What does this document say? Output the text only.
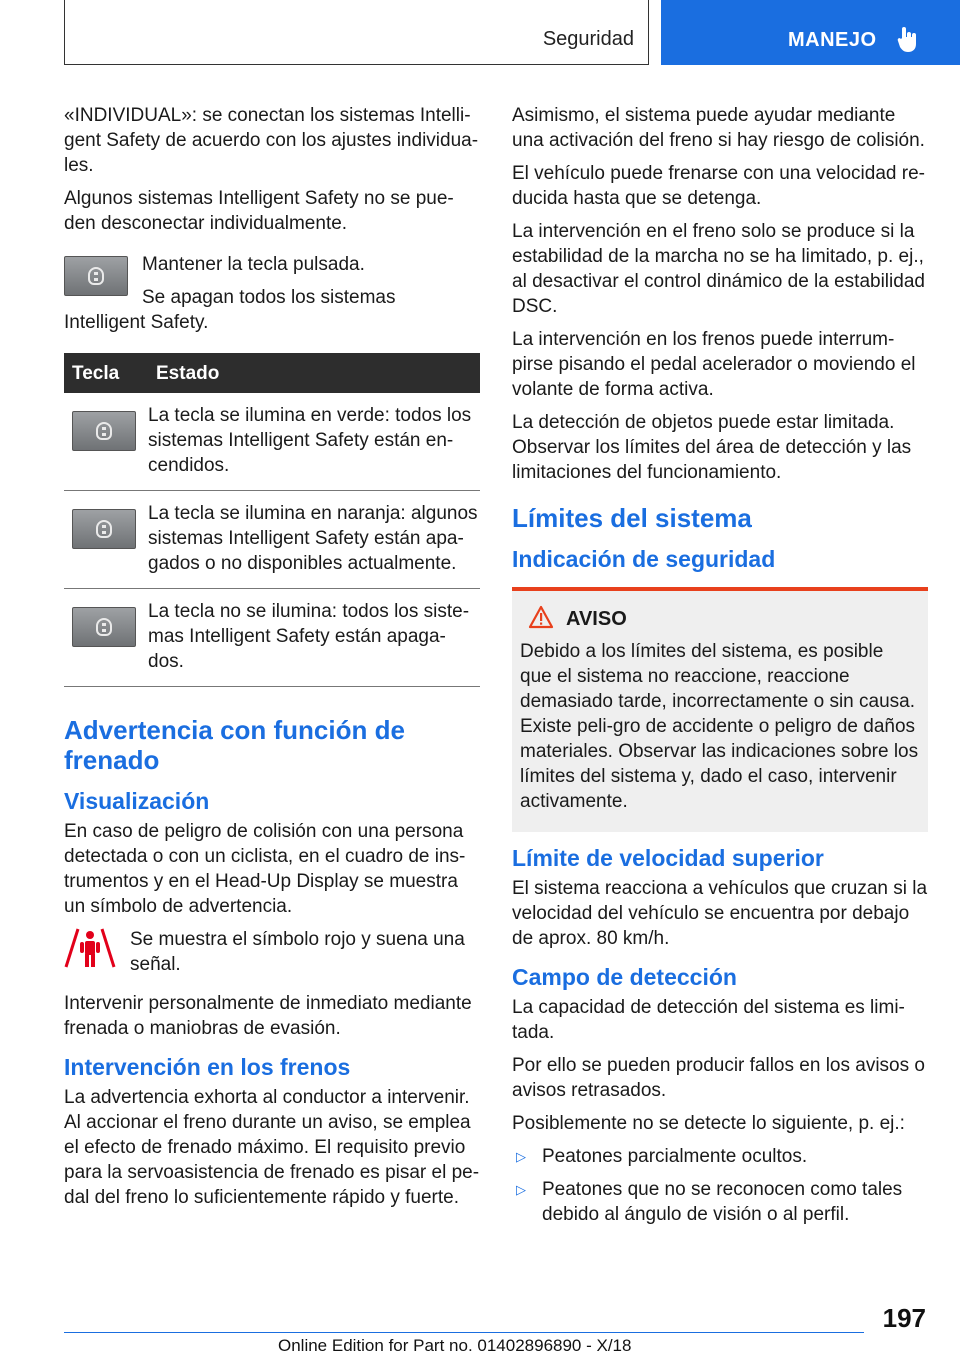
Seguridad	MANEJO

«INDIVIDUAL»: se conectan los sistemas Intelli-
gent Safety de acuerdo con los ajustes individua-
les.

Algunos sistemas Intelligent Safety no se pue-
den desconectar individualmente.

Mantener la tecla pulsada.

Se apagan todos los sistemas Intelligent Safety.

Tecla	Estado

	La tecla se ilumina en verde: todos los sistemas Intelligent Safety están en-cendidos.

	La tecla se ilumina en naranja: algunos sistemas Intelligent Safety están apa-gados o no disponibles actualmente.

	La tecla no se ilumina: todos los siste-mas Intelligent Safety están apaga-dos.
Advertencia con función de frenado
Visualización

En caso de peligro de colisión con una persona detectada o con un ciclista, en el cuadro de ins-trumentos y en el Head-Up Display se muestra un símbolo de advertencia.

Se muestra el símbolo rojo y suena una señal.

Intervenir personalmente de inmediato mediante frenada o maniobras de evasión.

Intervención en los frenos

La advertencia exhorta al conductor a intervenir. Al accionar el freno durante un aviso, se emplea el efecto de frenado máximo. El requisito previo para la servoasistencia de frenado es pisar el pe-dal del freno lo suficientemente rápido y fuerte.

Asimismo, el sistema puede ayudar mediante una activación del freno si hay riesgo de colisión.

El vehículo puede frenarse con una velocidad re-ducida hasta que se detenga.

La intervención en el freno solo se produce si la estabilidad de la marcha no se ha limitado, p. ej., al desactivar el control dinámico de la estabilidad DSC.

La intervención en los frenos puede interrum-pirse pisando el pedal acelerador o moviendo el volante de forma activa.

La detección de objetos puede estar limitada. Observar los límites del área de detección y las limitaciones del funcionamiento.

Límites del sistema
Indicación de seguridad
AVISO

Debido a los límites del sistema, es posible que el sistema no reaccione, reaccione demasiado tarde, incorrectamente o sin causa. Existe peli-gro de accidente o peligro de daños materiales. Observar las indicaciones sobre los límites del sistema y, dado el caso, intervenir activamente.

Límite de velocidad superior

El sistema reacciona a vehículos que cruzan si la velocidad del vehículo se encuentra por debajo de aprox. 80 km/h.

Campo de detección

La capacidad de detección del sistema es limi-tada.

Por ello se pueden producir fallos en los avisos o avisos retrasados.

Posiblemente no se detecte lo siguiente, p. ej.:

▷ Peatones parcialmente ocultos.
▷ Peatones que no se reconocen como tales debido al ángulo de visión o al perfil.
197
Online Edition for Part no. 01402896890 - X/18
